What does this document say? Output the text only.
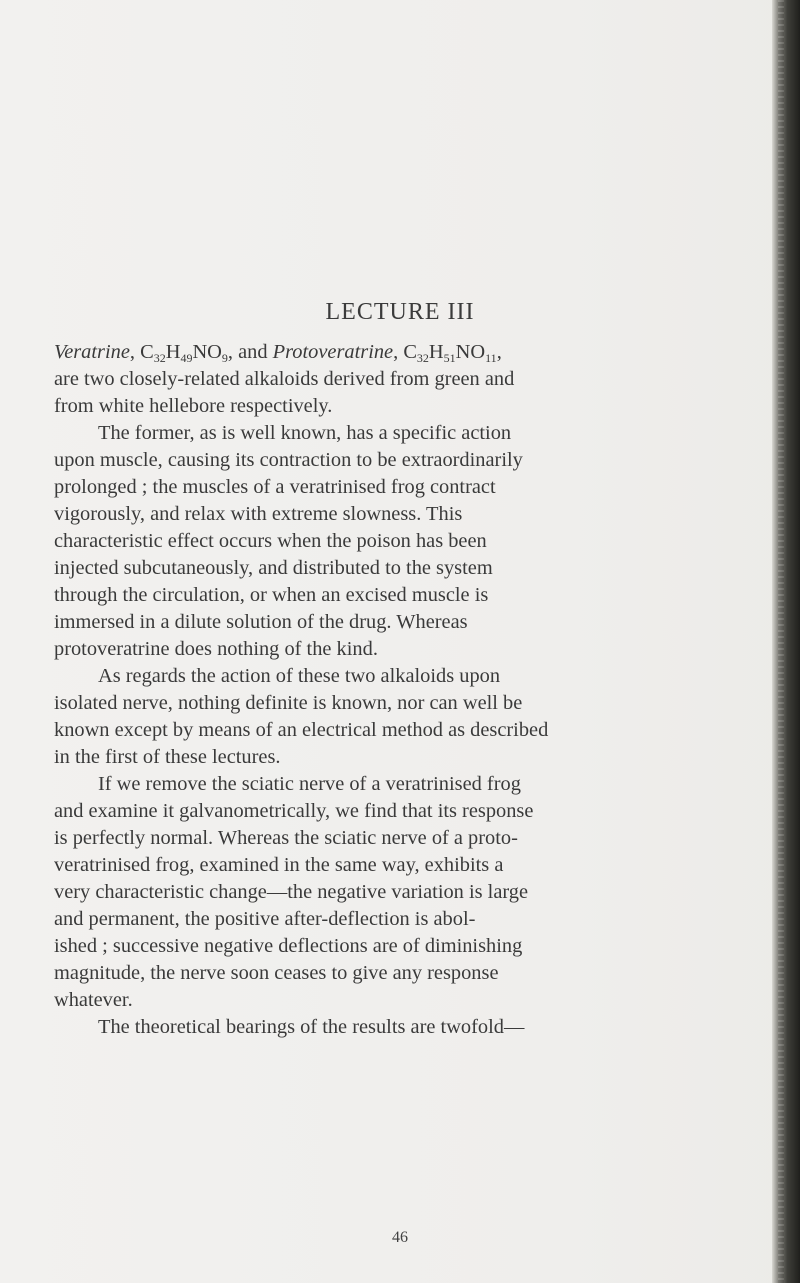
LECTURE III
Veratrine, $C_{32}H_{49}NO_9$, and Protoveratrine, $C_{32}H_{51}NO_{11}$,
are two closely-related alkaloids derived from green and
from white hellebore respectively.
The former, as is well known, has a specific action
upon muscle, causing its contraction to be extraordinarily
prolonged ; the muscles of a veratrinised frog contract
vigorously, and relax with extreme slowness. This
characteristic effect occurs when the poison has been
injected subcutaneously, and distributed to the system
through the circulation, or when an excised muscle is
immersed in a dilute solution of the drug. Whereas
protoveratrine does nothing of the kind.
As regards the action of these two alkaloids upon
isolated nerve, nothing definite is known, nor can well be
known except by means of an electrical method as described
in the first of these lectures.
If we remove the sciatic nerve of a veratrinised frog
and examine it galvanometrically, we find that its response
is perfectly normal. Whereas the sciatic nerve of a proto-
veratrinised frog, examined in the same way, exhibits a
very characteristic change—the negative variation is large
and permanent, the positive after-deflection is abol-
ished ; successive negative deflections are of diminishing
magnitude, the nerve soon ceases to give any response
whatever.
The theoretical bearings of the results are twofold—
46
